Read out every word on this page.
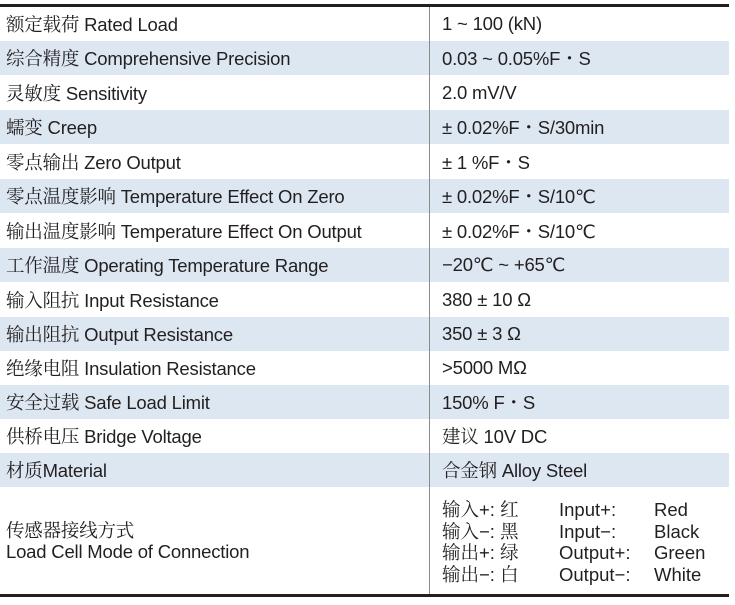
额定载荷 Rated Load	1 ~ 100 (kN)
综合精度 Comprehensive Precision	0.03 ~ 0.05%F・S
灵敏度 Sensitivity	2.0 mV/V
蠕变 Creep	± 0.02%F・S/30min
零点输出 Zero Output	± 1 %F・S
零点温度影响 Temperature Effect On Zero	± 0.02%F・S/10℃
输出温度影响 Temperature Effect On Output	± 0.02%F・S/10℃
工作温度 Operating Temperature Range	−20℃ ~ +65℃
输入阻抗 Input Resistance	380 ± 10 Ω
输出阻抗 Output Resistance	350 ± 3 Ω
绝缘电阻 Insulation Resistance	>5000 MΩ
安全过载 Safe Load Limit	150% F・S
供桥电压 Bridge Voltage	建议 10V DC
材质Material	合金钢 Alloy Steel
传感器接线方式
Load Cell Mode of Connection
输入+: 红	Input+:	Red
输入−: 黑	Input−:	Black
输出+: 绿	Output+:	Green
输出−: 白	Output−:	White
